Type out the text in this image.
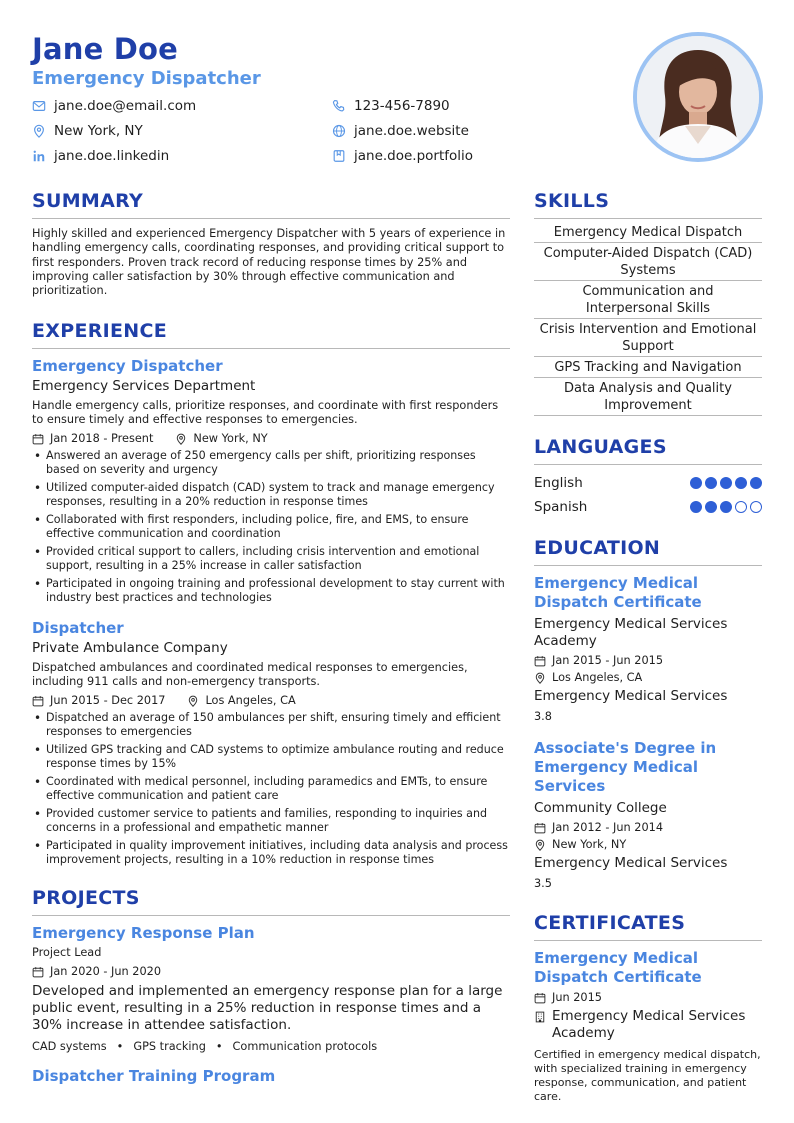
Jane Doe
Emergency Dispatcher
jane.doe@email.com	123-456-7890
New York, NY	jane.doe.website
jane.doe.linkedin	jane.doe.portfolio
SUMMARY
Highly skilled and experienced Emergency Dispatcher with 5 years of experience in handling emergency calls, coordinating responses, and providing critical support to first responders. Proven track record of reducing response times by 25% and improving caller satisfaction by 30% through effective communication and prioritization.
EXPERIENCE
Emergency Dispatcher
Emergency Services Department
Handle emergency calls, prioritize responses, and coordinate with first responders to ensure timely and effective responses to emergencies.
Jan 2018 - Present	New York, NY
• Answered an average of 250 emergency calls per shift, prioritizing responses based on severity and urgency
• Utilized computer-aided dispatch (CAD) system to track and manage emergency responses, resulting in a 20% reduction in response times
• Collaborated with first responders, including police, fire, and EMS, to ensure effective communication and coordination
• Provided critical support to callers, including crisis intervention and emotional support, resulting in a 25% increase in caller satisfaction
• Participated in ongoing training and professional development to stay current with industry best practices and technologies
Dispatcher
Private Ambulance Company
Dispatched ambulances and coordinated medical responses to emergencies, including 911 calls and non-emergency transports.
Jun 2015 - Dec 2017	Los Angeles, CA
• Dispatched an average of 150 ambulances per shift, ensuring timely and efficient responses to emergencies
• Utilized GPS tracking and CAD systems to optimize ambulance routing and reduce response times by 15%
• Coordinated with medical personnel, including paramedics and EMTs, to ensure effective communication and patient care
• Provided customer service to patients and families, responding to inquiries and concerns in a professional and empathetic manner
• Participated in quality improvement initiatives, including data analysis and process improvement projects, resulting in a 10% reduction in response times
PROJECTS
Emergency Response Plan
Project Lead
Jan 2020 - Jun 2020
Developed and implemented an emergency response plan for a large public event, resulting in a 25% reduction in response times and a 30% increase in attendee satisfaction.
CAD systems • GPS tracking • Communication protocols
Dispatcher Training Program
SKILLS
Emergency Medical Dispatch
Computer-Aided Dispatch (CAD) Systems
Communication and Interpersonal Skills
Crisis Intervention and Emotional Support
GPS Tracking and Navigation
Data Analysis and Quality Improvement
LANGUAGES
English
Spanish
EDUCATION
Emergency Medical Dispatch Certificate
Emergency Medical Services Academy
Jan 2015 - Jun 2015
Los Angeles, CA
Emergency Medical Services
3.8
Associate's Degree in Emergency Medical Services
Community College
Jan 2012 - Jun 2014
New York, NY
Emergency Medical Services
3.5
CERTIFICATES
Emergency Medical Dispatch Certificate
Jun 2015
Emergency Medical Services Academy
Certified in emergency medical dispatch, with specialized training in emergency response, communication, and patient care.
